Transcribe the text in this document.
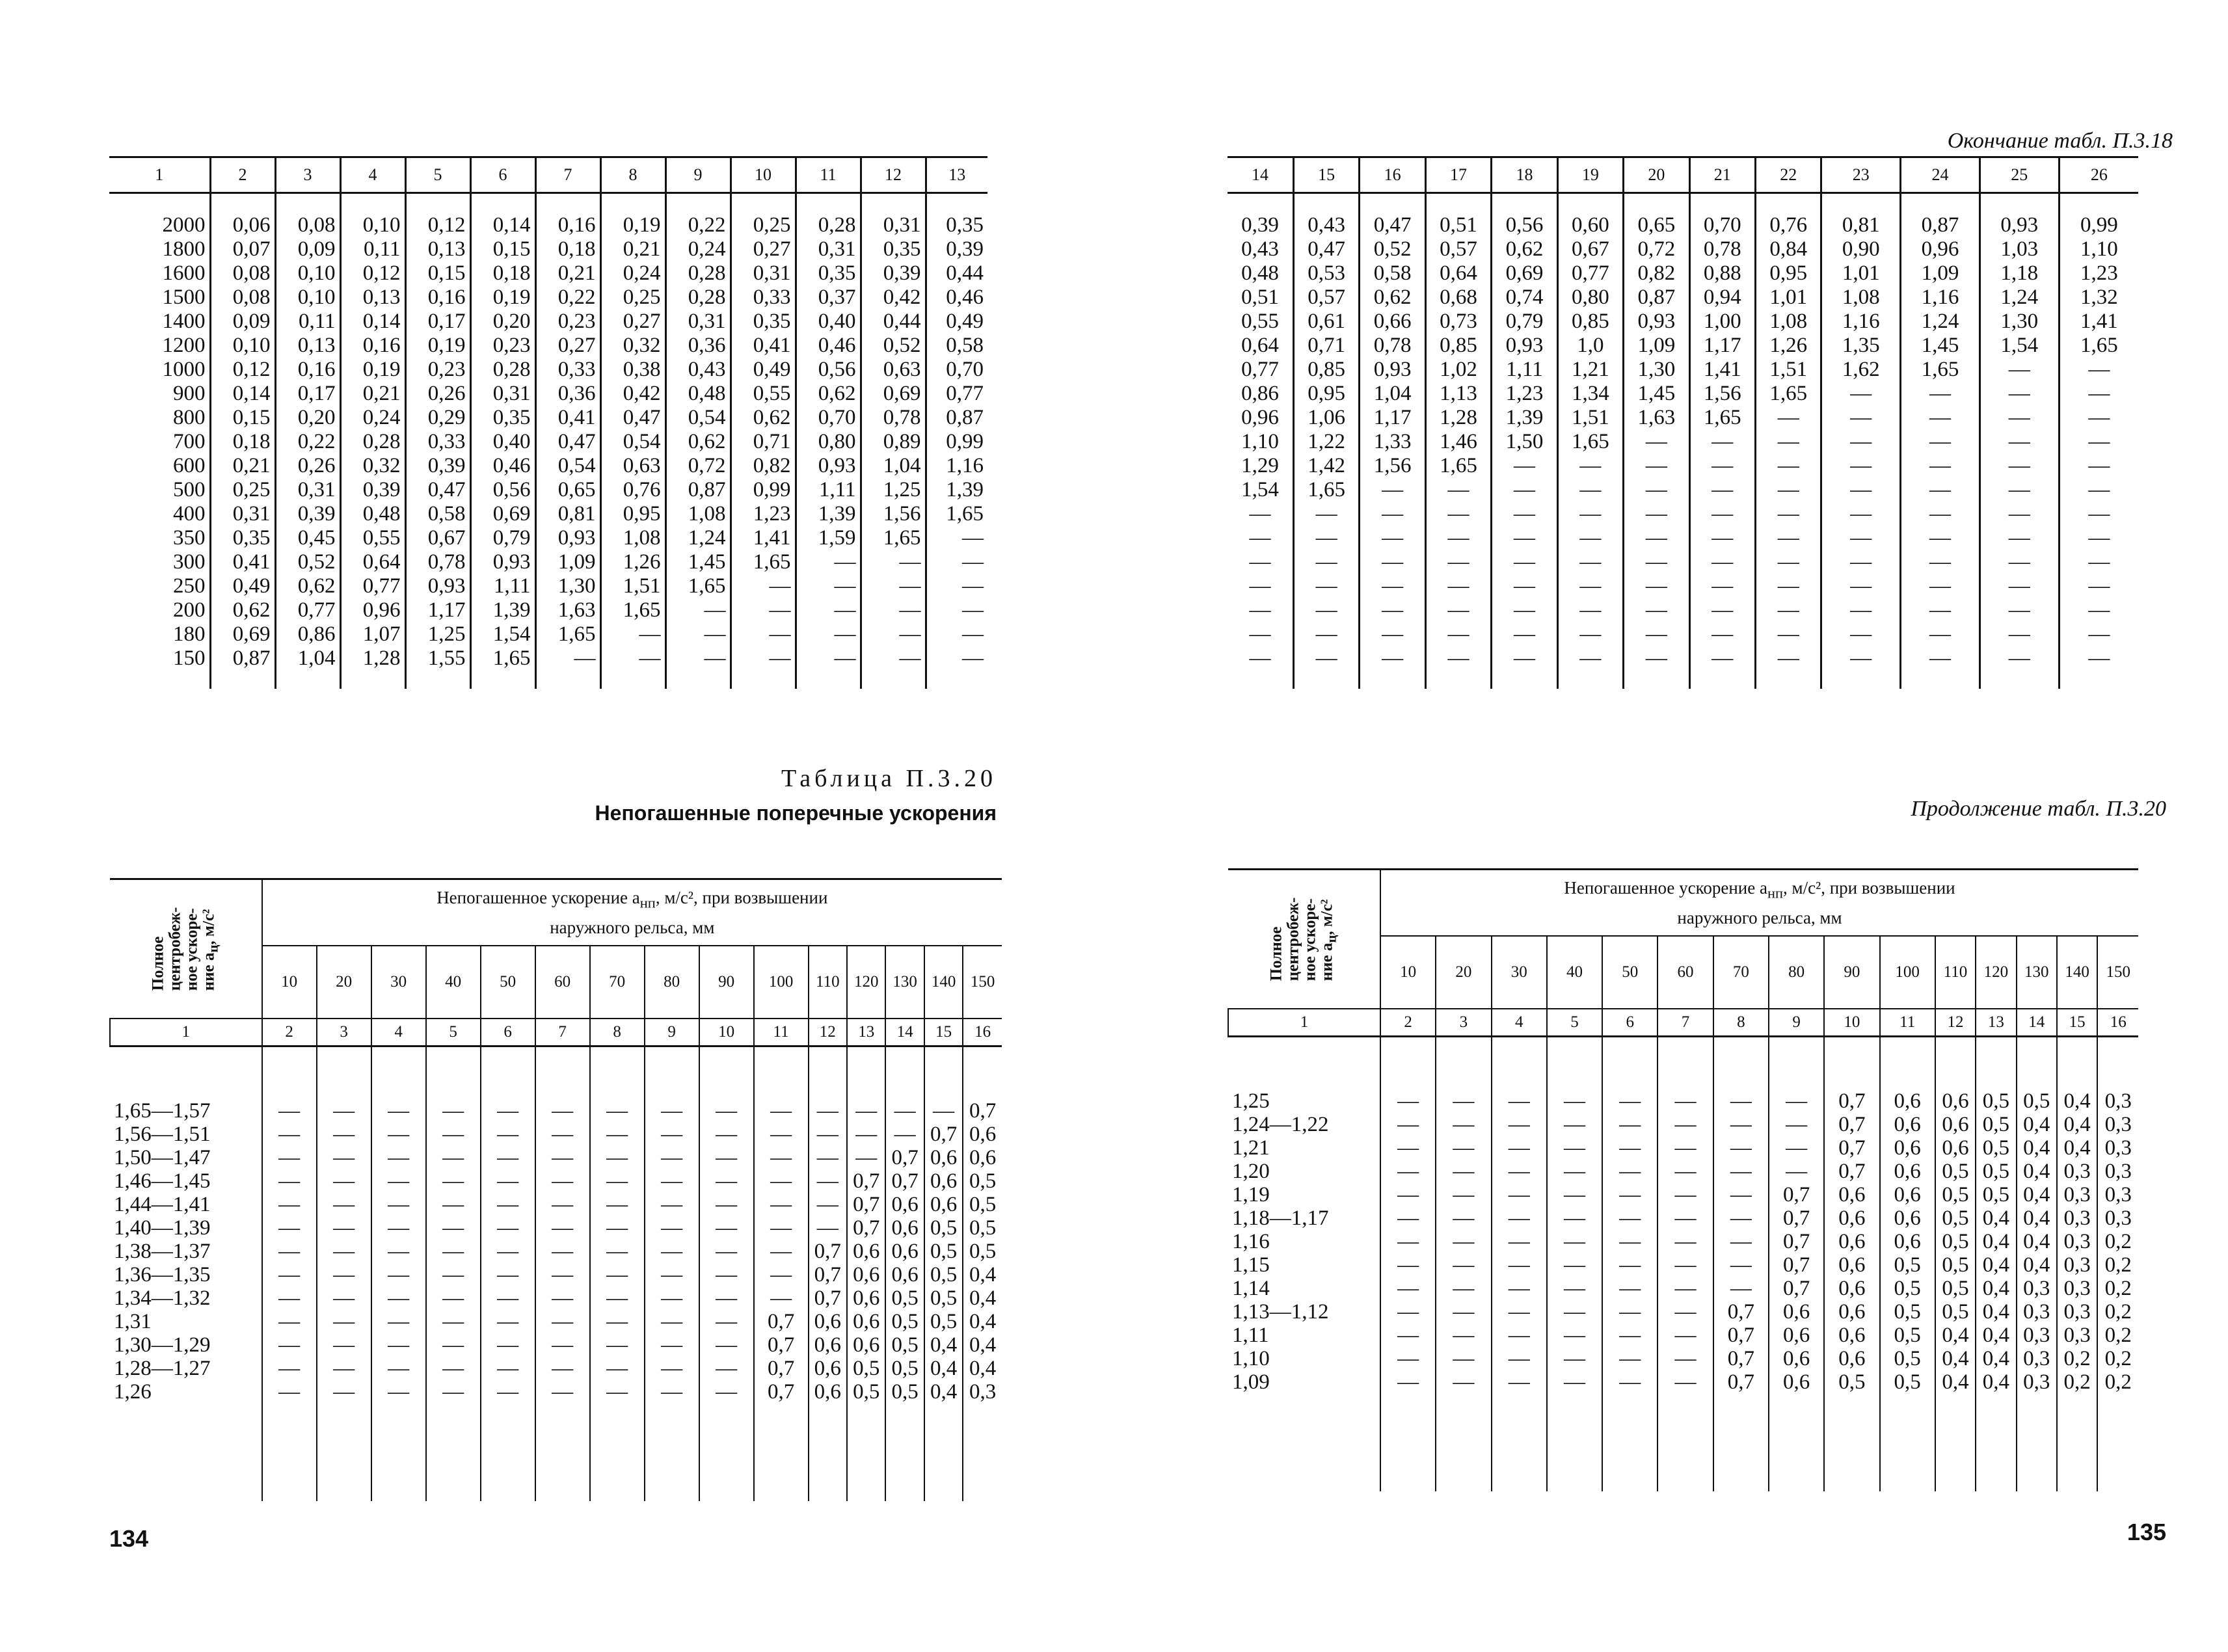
1	2	3	4	5	6	7	8	9	10	11	12	13
2000	0,06	0,08	0,10	0,12	0,14	0,16	0,19	0,22	0,25	0,28	0,31	0,35
1800	0,07	0,09	0,11	0,13	0,15	0,18	0,21	0,24	0,27	0,31	0,35	0,39
1600	0,08	0,10	0,12	0,15	0,18	0,21	0,24	0,28	0,31	0,35	0,39	0,44
1500	0,08	0,10	0,13	0,16	0,19	0,22	0,25	0,28	0,33	0,37	0,42	0,46
1400	0,09	0,11	0,14	0,17	0,20	0,23	0,27	0,31	0,35	0,40	0,44	0,49
1200	0,10	0,13	0,16	0,19	0,23	0,27	0,32	0,36	0,41	0,46	0,52	0,58
1000	0,12	0,16	0,19	0,23	0,28	0,33	0,38	0,43	0,49	0,56	0,63	0,70
900	0,14	0,17	0,21	0,26	0,31	0,36	0,42	0,48	0,55	0,62	0,69	0,77
800	0,15	0,20	0,24	0,29	0,35	0,41	0,47	0,54	0,62	0,70	0,78	0,87
700	0,18	0,22	0,28	0,33	0,40	0,47	0,54	0,62	0,71	0,80	0,89	0,99
600	0,21	0,26	0,32	0,39	0,46	0,54	0,63	0,72	0,82	0,93	1,04	1,16
500	0,25	0,31	0,39	0,47	0,56	0,65	0,76	0,87	0,99	1,11	1,25	1,39
400	0,31	0,39	0,48	0,58	0,69	0,81	0,95	1,08	1,23	1,39	1,56	1,65
350	0,35	0,45	0,55	0,67	0,79	0,93	1,08	1,24	1,41	1,59	1,65	—
300	0,41	0,52	0,64	0,78	0,93	1,09	1,26	1,45	1,65	—	—	—
250	0,49	0,62	0,77	0,93	1,11	1,30	1,51	1,65	—	—	—	—
200	0,62	0,77	0,96	1,17	1,39	1,63	1,65	—	—	—	—	—
180	0,69	0,86	1,07	1,25	1,54	1,65	—	—	—	—	—	—
150	0,87	1,04	1,28	1,55	1,65	—	—	—	—	—	—	—
Таблица П.3.20
Непогашенные поперечные ускорения
Полное
центробеж-
ное ускоре-
ние $a_ц$, м/с²	Непогашенное ускорение $a_{нп}$, м/с², при возвышении
наружного рельса, мм														
	10	20	30	40	50	60	70	80	90	100	110	120	130	140	150
1	2	3	4	5	6	7	8	9	10	11	12	13	14	15	16

1,65—1,57	—	—	—	—	—	—	—	—	—	—	—	—	—	—	0,7
1,56—1,51	—	—	—	—	—	—	—	—	—	—	—	—	—	0,7	0,6
1,50—1,47	—	—	—	—	—	—	—	—	—	—	—	—	0,7	0,6	0,6
1,46—1,45	—	—	—	—	—	—	—	—	—	—	—	0,7	0,7	0,6	0,5
1,44—1,41	—	—	—	—	—	—	—	—	—	—	—	0,7	0,6	0,6	0,5
1,40—1,39	—	—	—	—	—	—	—	—	—	—	—	0,7	0,6	0,5	0,5
1,38—1,37	—	—	—	—	—	—	—	—	—	—	0,7	0,6	0,6	0,5	0,5
1,36—1,35	—	—	—	—	—	—	—	—	—	—	0,7	0,6	0,6	0,5	0,4
1,34—1,32	—	—	—	—	—	—	—	—	—	—	0,7	0,6	0,5	0,5	0,4
1,31	—	—	—	—	—	—	—	—	—	0,7	0,6	0,6	0,5	0,5	0,4
1,30—1,29	—	—	—	—	—	—	—	—	—	0,7	0,6	0,6	0,5	0,4	0,4
1,28—1,27	—	—	—	—	—	—	—	—	—	0,7	0,6	0,5	0,5	0,4	0,4
1,26	—	—	—	—	—	—	—	—	—	0,7	0,6	0,5	0,5	0,4	0,3

134
Окончание табл. П.3.18
14	15	16	17	18	19	20	21	22	23	24	25	26
0,39	0,43	0,47	0,51	0,56	0,60	0,65	0,70	0,76	0,81	0,87	0,93	0,99
0,43	0,47	0,52	0,57	0,62	0,67	0,72	0,78	0,84	0,90	0,96	1,03	1,10
0,48	0,53	0,58	0,64	0,69	0,77	0,82	0,88	0,95	1,01	1,09	1,18	1,23
0,51	0,57	0,62	0,68	0,74	0,80	0,87	0,94	1,01	1,08	1,16	1,24	1,32
0,55	0,61	0,66	0,73	0,79	0,85	0,93	1,00	1,08	1,16	1,24	1,30	1,41
0,64	0,71	0,78	0,85	0,93	1,0	1,09	1,17	1,26	1,35	1,45	1,54	1,65
0,77	0,85	0,93	1,02	1,11	1,21	1,30	1,41	1,51	1,62	1,65	—	—
0,86	0,95	1,04	1,13	1,23	1,34	1,45	1,56	1,65	—	—	—	—
0,96	1,06	1,17	1,28	1,39	1,51	1,63	1,65	—	—	—	—	—
1,10	1,22	1,33	1,46	1,50	1,65	—	—	—	—	—	—	—
1,29	1,42	1,56	1,65	—	—	—	—	—	—	—	—	—
1,54	1,65	—	—	—	—	—	—	—	—	—	—	—
—	—	—	—	—	—	—	—	—	—	—	—	—
—	—	—	—	—	—	—	—	—	—	—	—	—
—	—	—	—	—	—	—	—	—	—	—	—	—
—	—	—	—	—	—	—	—	—	—	—	—	—
—	—	—	—	—	—	—	—	—	—	—	—	—
—	—	—	—	—	—	—	—	—	—	—	—	—
—	—	—	—	—	—	—	—	—	—	—	—	—
Продолжение табл. П.3.20
Полное
центробеж-
ное ускоре-
ние $a_ц$, м/с²	Непогашенное ускорение $a_{нп}$, м/с², при возвышении
наружного рельса, мм														
	10	20	30	40	50	60	70	80	90	100	110	120	130	140	150
1	2	3	4	5	6	7	8	9	10	11	12	13	14	15	16

1,25	—	—	—	—	—	—	—	—	0,7	0,6	0,6	0,5	0,5	0,4	0,3
1,24—1,22	—	—	—	—	—	—	—	—	0,7	0,6	0,6	0,5	0,4	0,4	0,3
1,21	—	—	—	—	—	—	—	—	0,7	0,6	0,6	0,5	0,4	0,4	0,3
1,20	—	—	—	—	—	—	—	—	0,7	0,6	0,5	0,5	0,4	0,3	0,3
1,19	—	—	—	—	—	—	—	0,7	0,6	0,6	0,5	0,5	0,4	0,3	0,3
1,18—1,17	—	—	—	—	—	—	—	0,7	0,6	0,6	0,5	0,4	0,4	0,3	0,3
1,16	—	—	—	—	—	—	—	0,7	0,6	0,6	0,5	0,4	0,4	0,3	0,2
1,15	—	—	—	—	—	—	—	0,7	0,6	0,5	0,5	0,4	0,4	0,3	0,2
1,14	—	—	—	—	—	—	—	0,7	0,6	0,5	0,5	0,4	0,3	0,3	0,2
1,13—1,12	—	—	—	—	—	—	0,7	0,6	0,6	0,5	0,5	0,4	0,3	0,3	0,2
1,11	—	—	—	—	—	—	0,7	0,6	0,6	0,5	0,4	0,4	0,3	0,3	0,2
1,10	—	—	—	—	—	—	0,7	0,6	0,6	0,5	0,4	0,4	0,3	0,2	0,2
1,09	—	—	—	—	—	—	0,7	0,6	0,5	0,5	0,4	0,4	0,3	0,2	0,2

135
